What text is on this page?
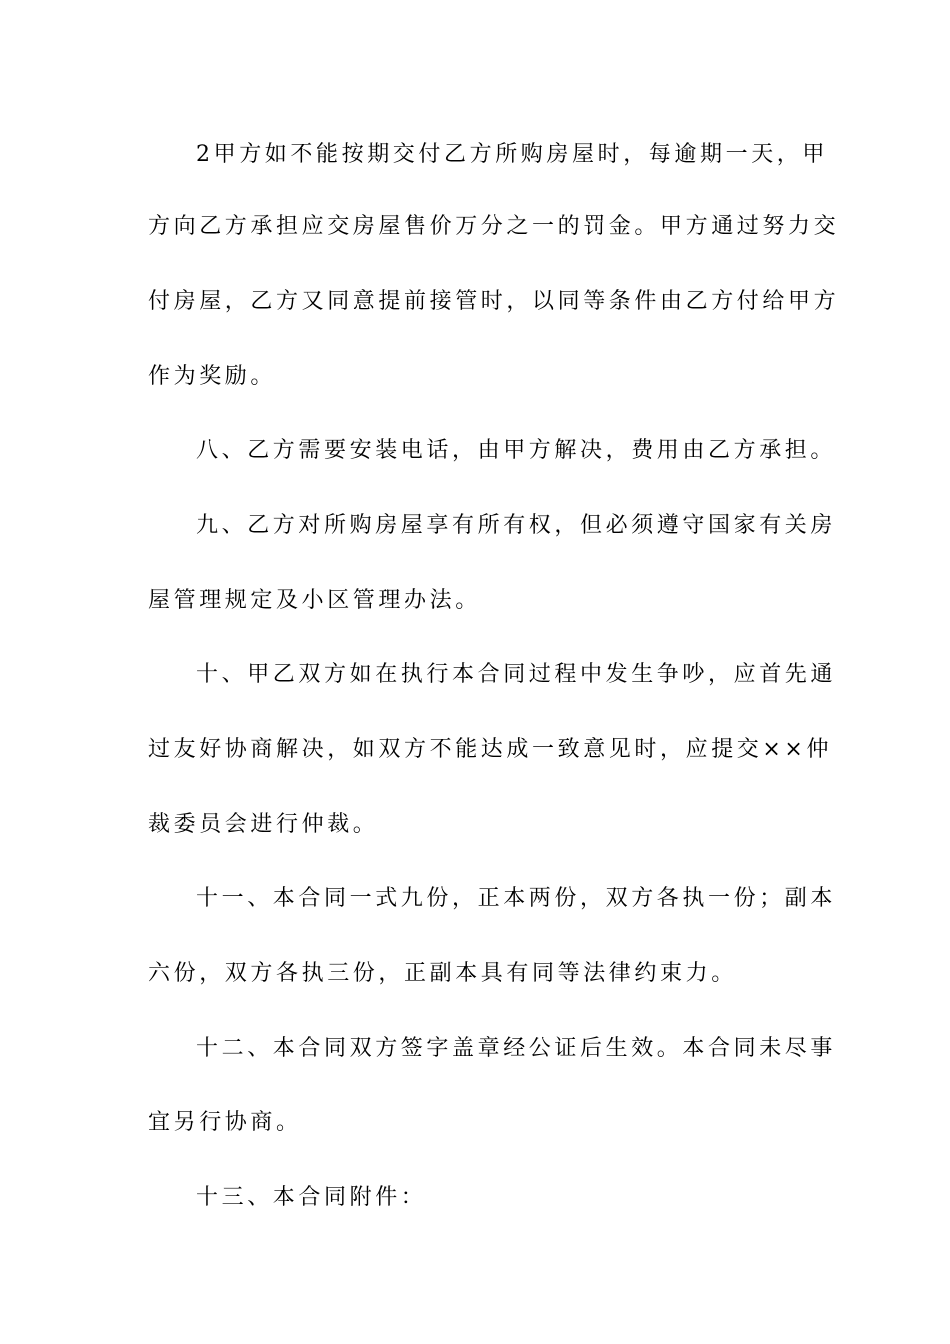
2甲方如不能按期交付乙方所购房屋时，每逾期一天，甲
方向乙方承担应交房屋售价万分之一的罚金。甲方通过努力交
付房屋，乙方又同意提前接管时，以同等条件由乙方付给甲方
作为奖励。
八、乙方需要安装电话，由甲方解决，费用由乙方承担。
九、乙方对所购房屋享有所有权，但必须遵守国家有关房
屋管理规定及小区管理办法。
十、甲乙双方如在执行本合同过程中发生争吵，应首先通
过友好协商解决，如双方不能达成一致意见时，应提交××仲
裁委员会进行仲裁。
十一、本合同一式九份，正本两份，双方各执一份；副本
六份，双方各执三份，正副本具有同等法律约束力。
十二、本合同双方签字盖章经公证后生效。本合同未尽事
宜另行协商。
十三、本合同附件：
